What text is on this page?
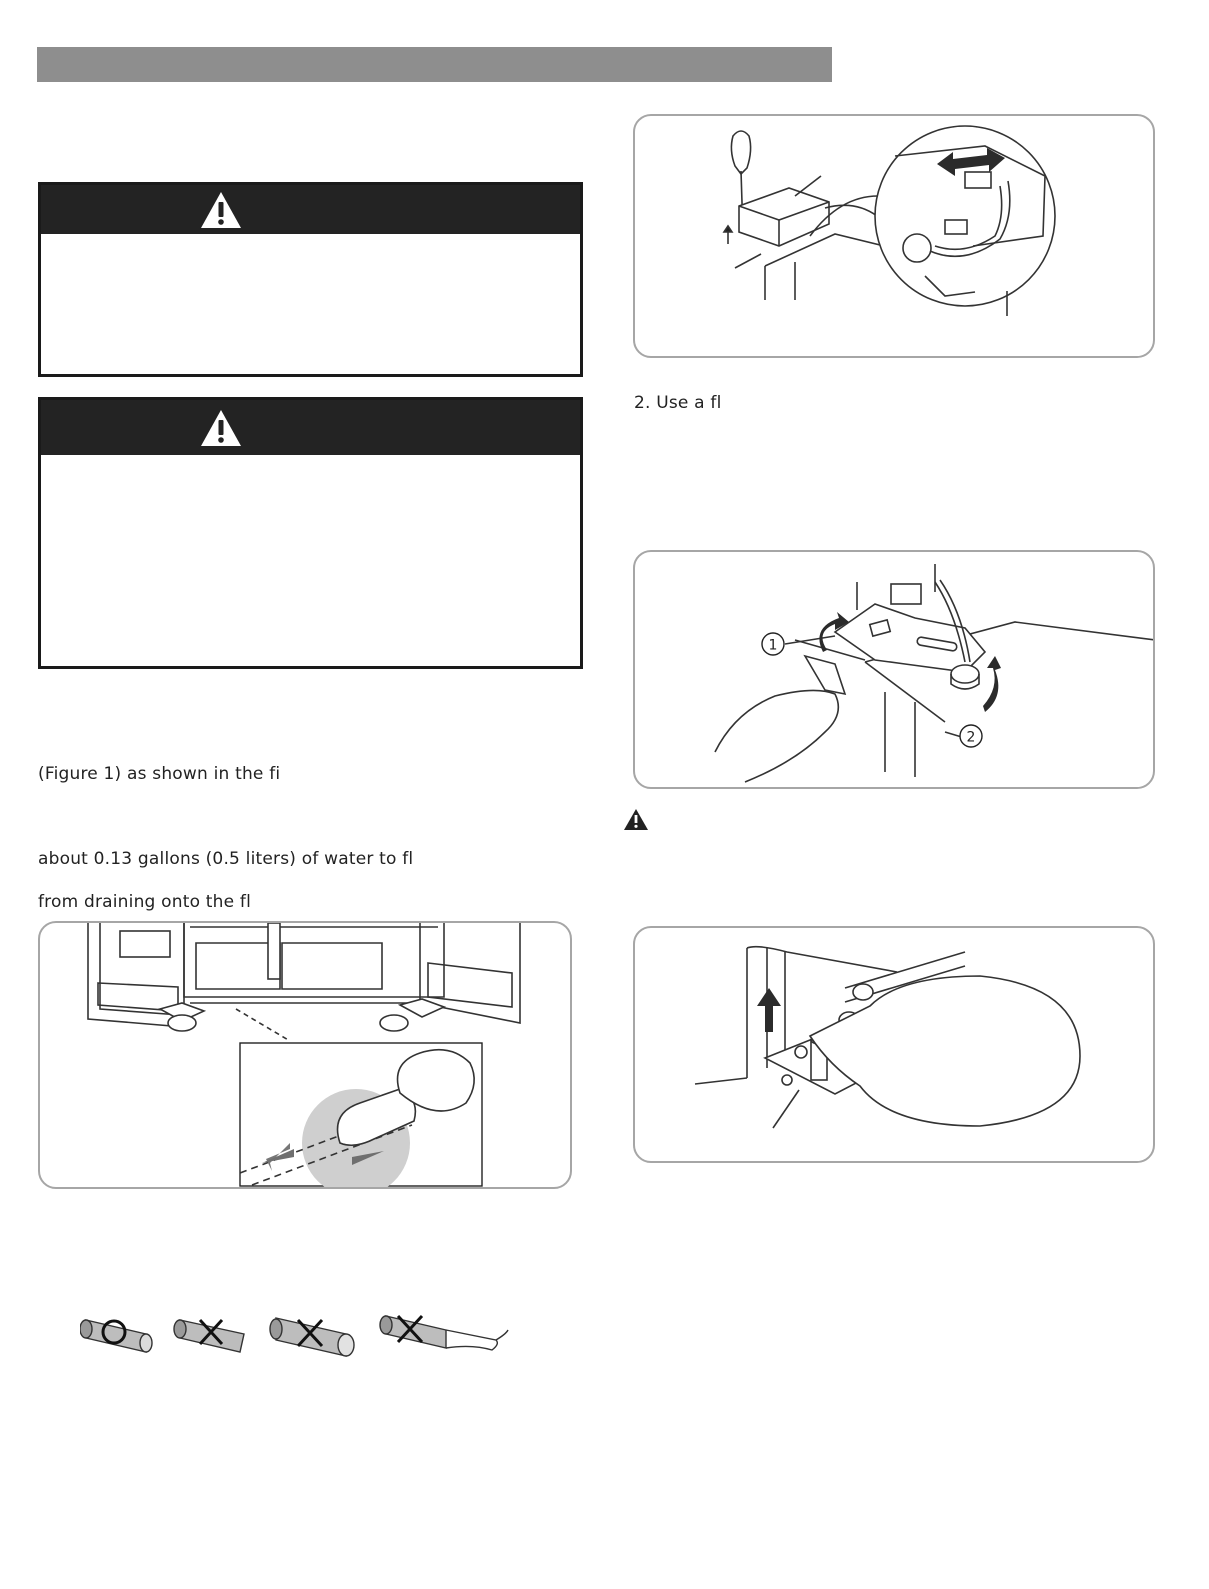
(Figure 1) as shown in the fi
about 0.13 gallons (0.5 liters) of water to fl
from draining onto the fl
2. Use a fl
1
2
